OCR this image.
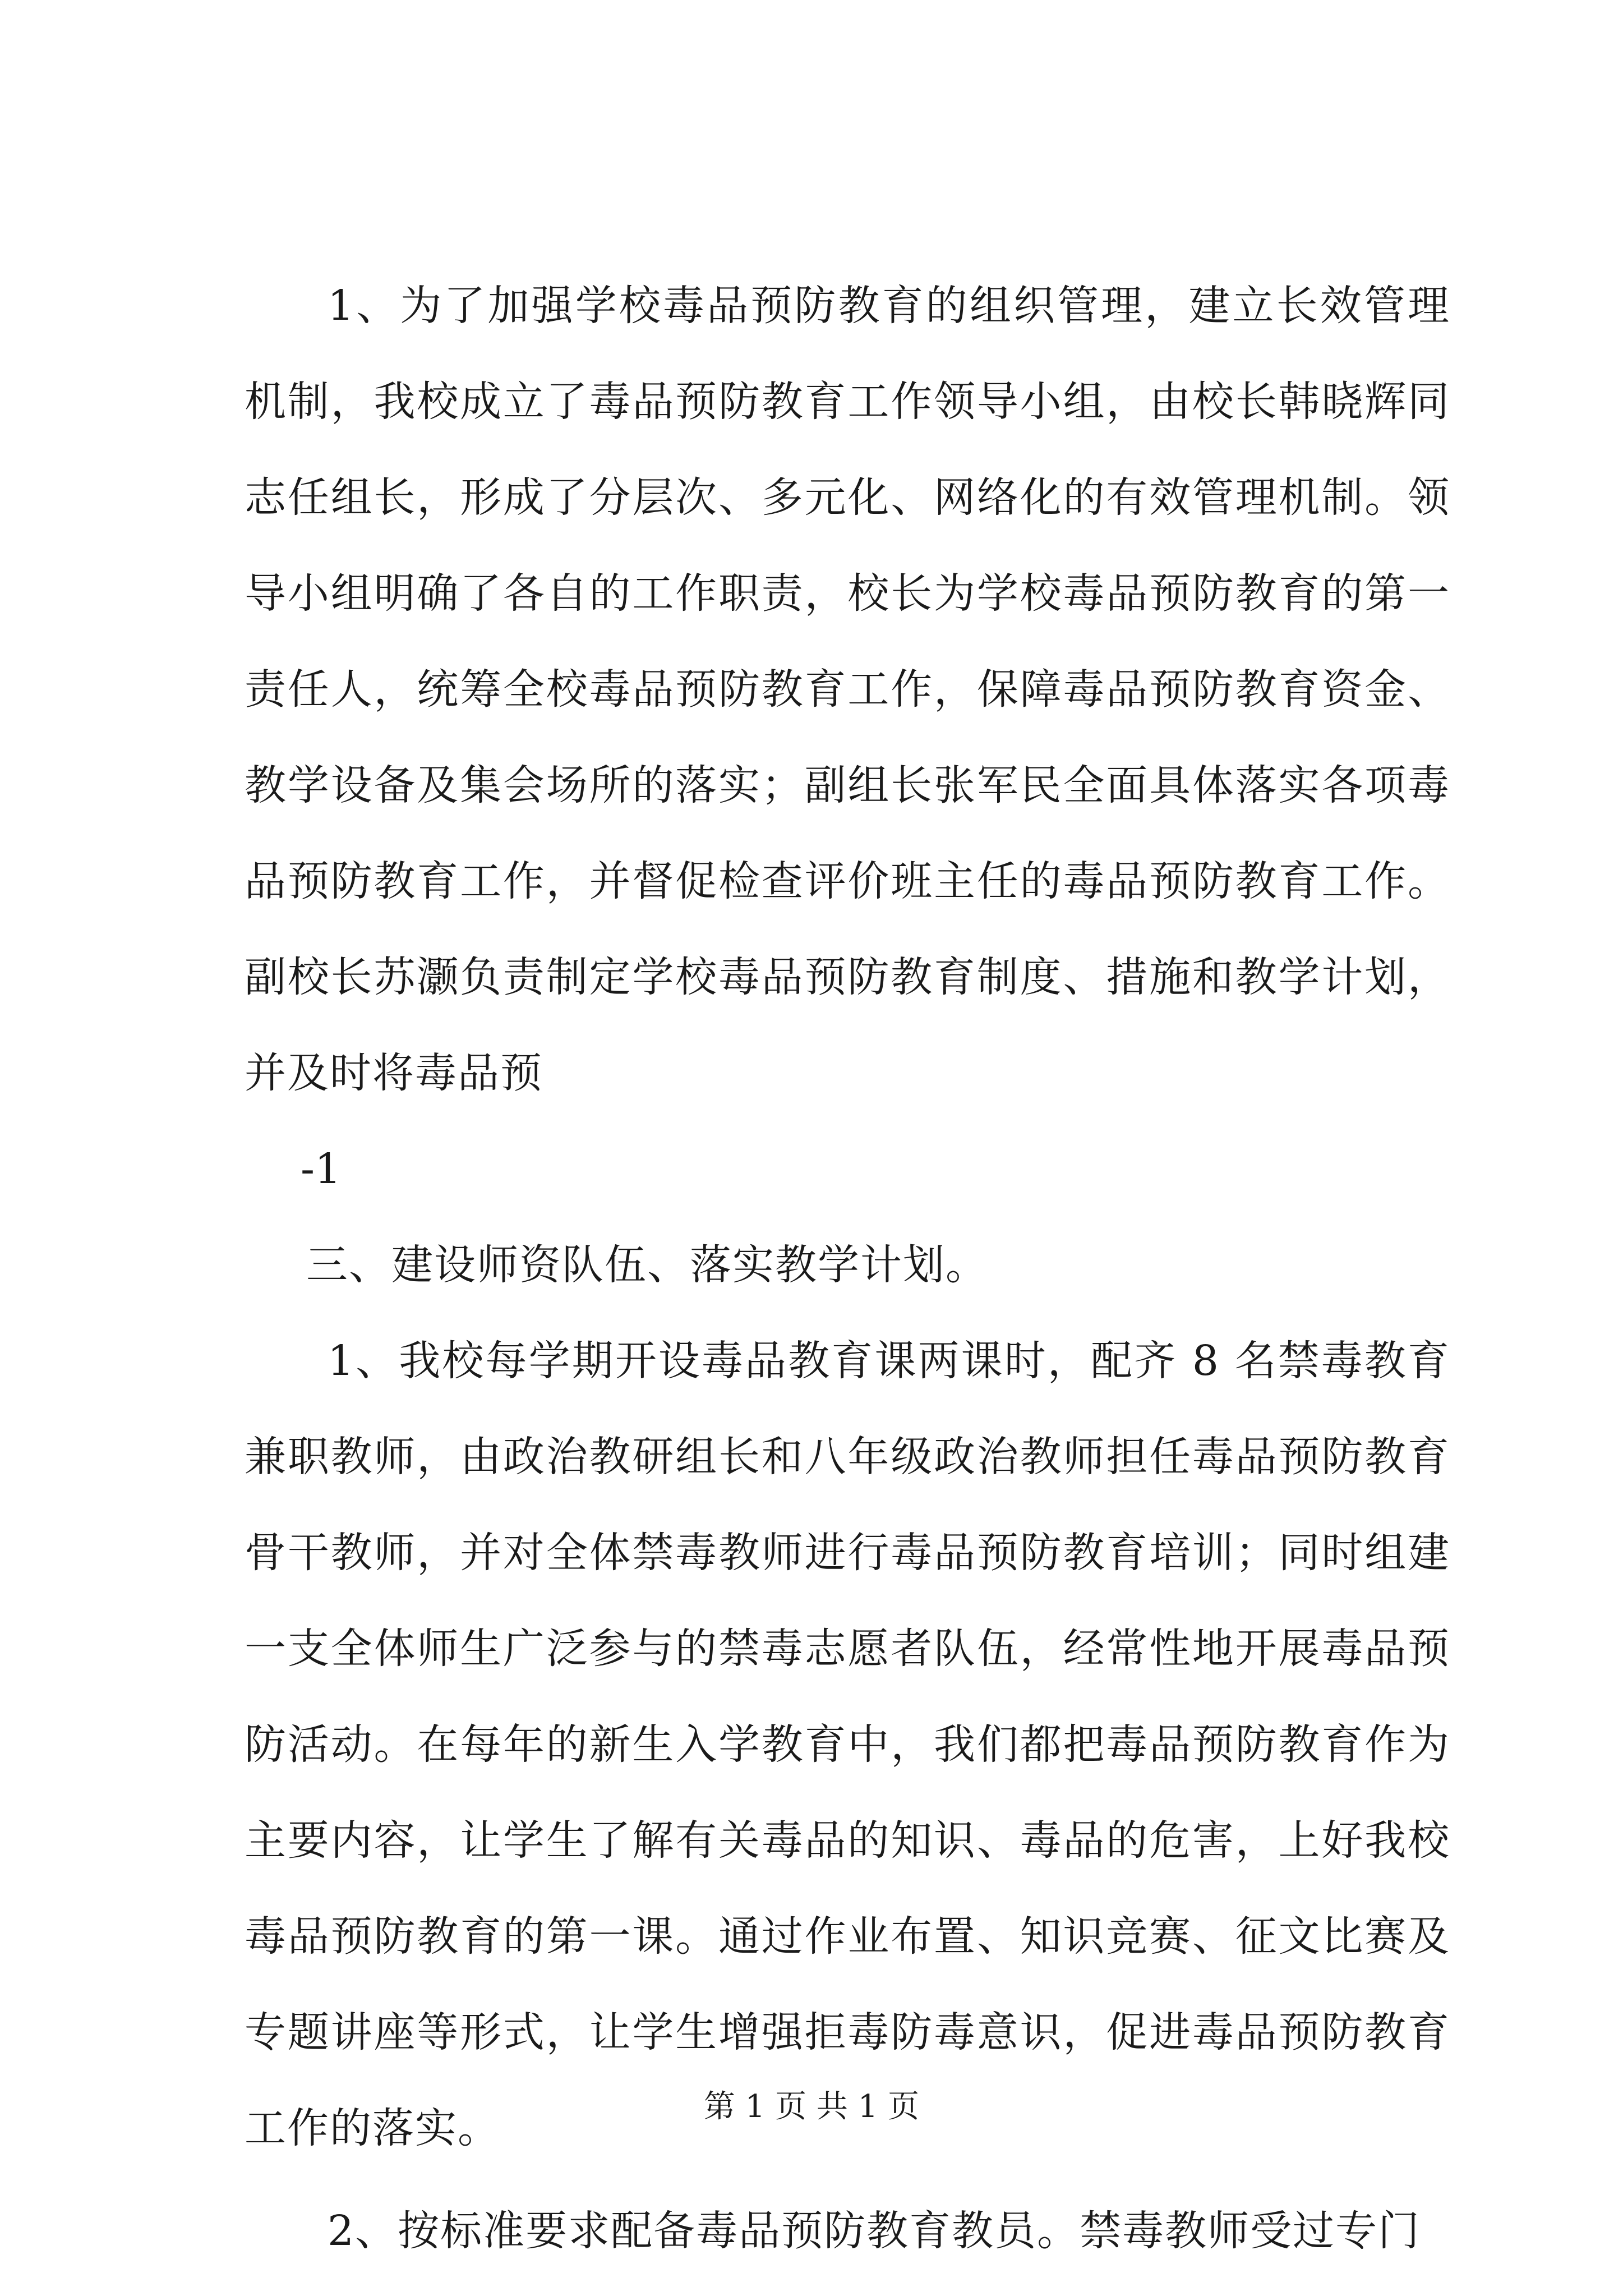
1、为了加强学校毒品预防教育的组织管理，建立长效管理机制，我校成立了毒品预防教育工作领导小组，由校长韩晓辉同志任组长，形成了分层次、多元化、网络化的有效管理机制。领导小组明确了各自的工作职责，校长为学校毒品预防教育的第一责任人，统筹全校毒品预防教育工作，保障毒品预防教育资金、教学设备及集会场所的落实；副组长张军民全面具体落实各项毒品预防教育工作，并督促检查评价班主任的毒品预防教育工作。副校长苏灏负责制定学校毒品预防教育制度、措施和教学计划，并及时将毒品预

-1

三、建设师资队伍、落实教学计划。

1、我校每学期开设毒品教育课两课时，配齐 8 名禁毒教育兼职教师，由政治教研组长和八年级政治教师担任毒品预防教育骨干教师，并对全体禁毒教师进行毒品预防教育培训；同时组建一支全体师生广泛参与的禁毒志愿者队伍，经常性地开展毒品预防活动。在每年的新生入学教育中，我们都把毒品预防教育作为主要内容，让学生了解有关毒品的知识、毒品的危害，上好我校毒品预防教育的第一课。通过作业布置、知识竞赛、征文比赛及专题讲座等形式，让学生增强拒毒防毒意识，促进毒品预防教育工作的落实。

2、按标准要求配备毒品预防教育教员。禁毒教师受过专门

第 1 页 共 1 页
